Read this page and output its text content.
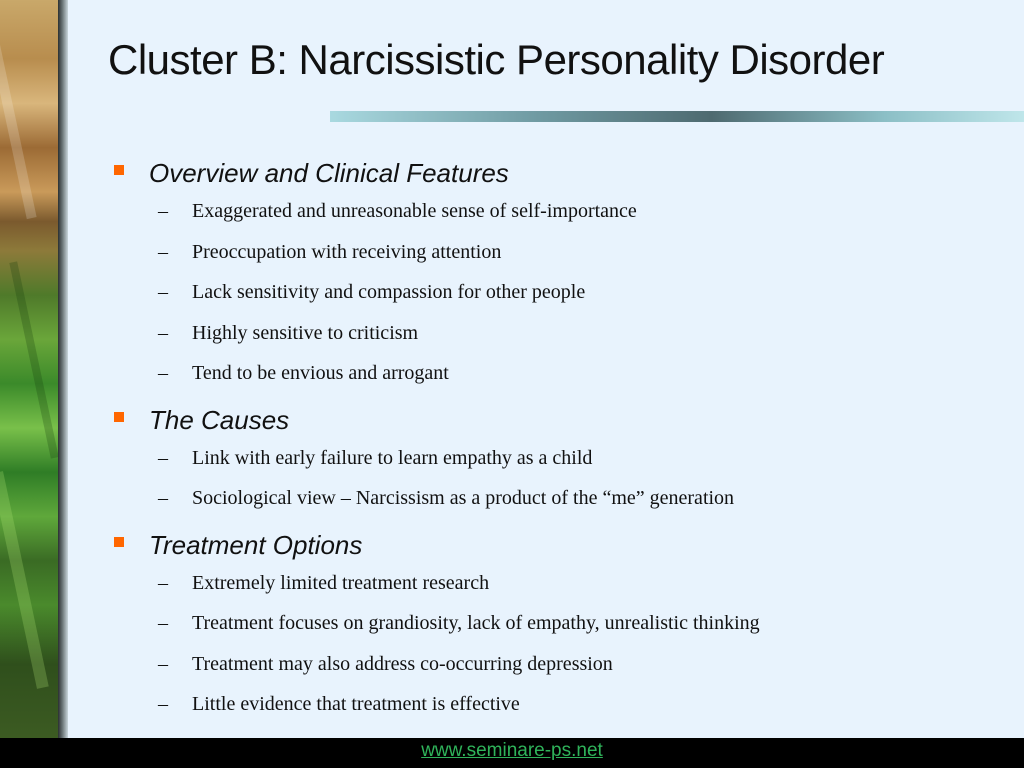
Cluster B: Narcissistic Personality Disorder
Overview and Clinical Features
– Exaggerated and unreasonable sense of self-importance
– Preoccupation with receiving attention
– Lack sensitivity and compassion for other people
– Highly sensitive to criticism
– Tend to be envious and arrogant
The Causes
– Link with early failure to learn empathy as a child
– Sociological view – Narcissism as a product of the “me” generation
Treatment Options
– Extremely limited treatment research
– Treatment focuses on grandiosity, lack of empathy, unrealistic thinking
– Treatment may also address co-occurring depression
– Little evidence that treatment is effective
www.seminare-ps.net
